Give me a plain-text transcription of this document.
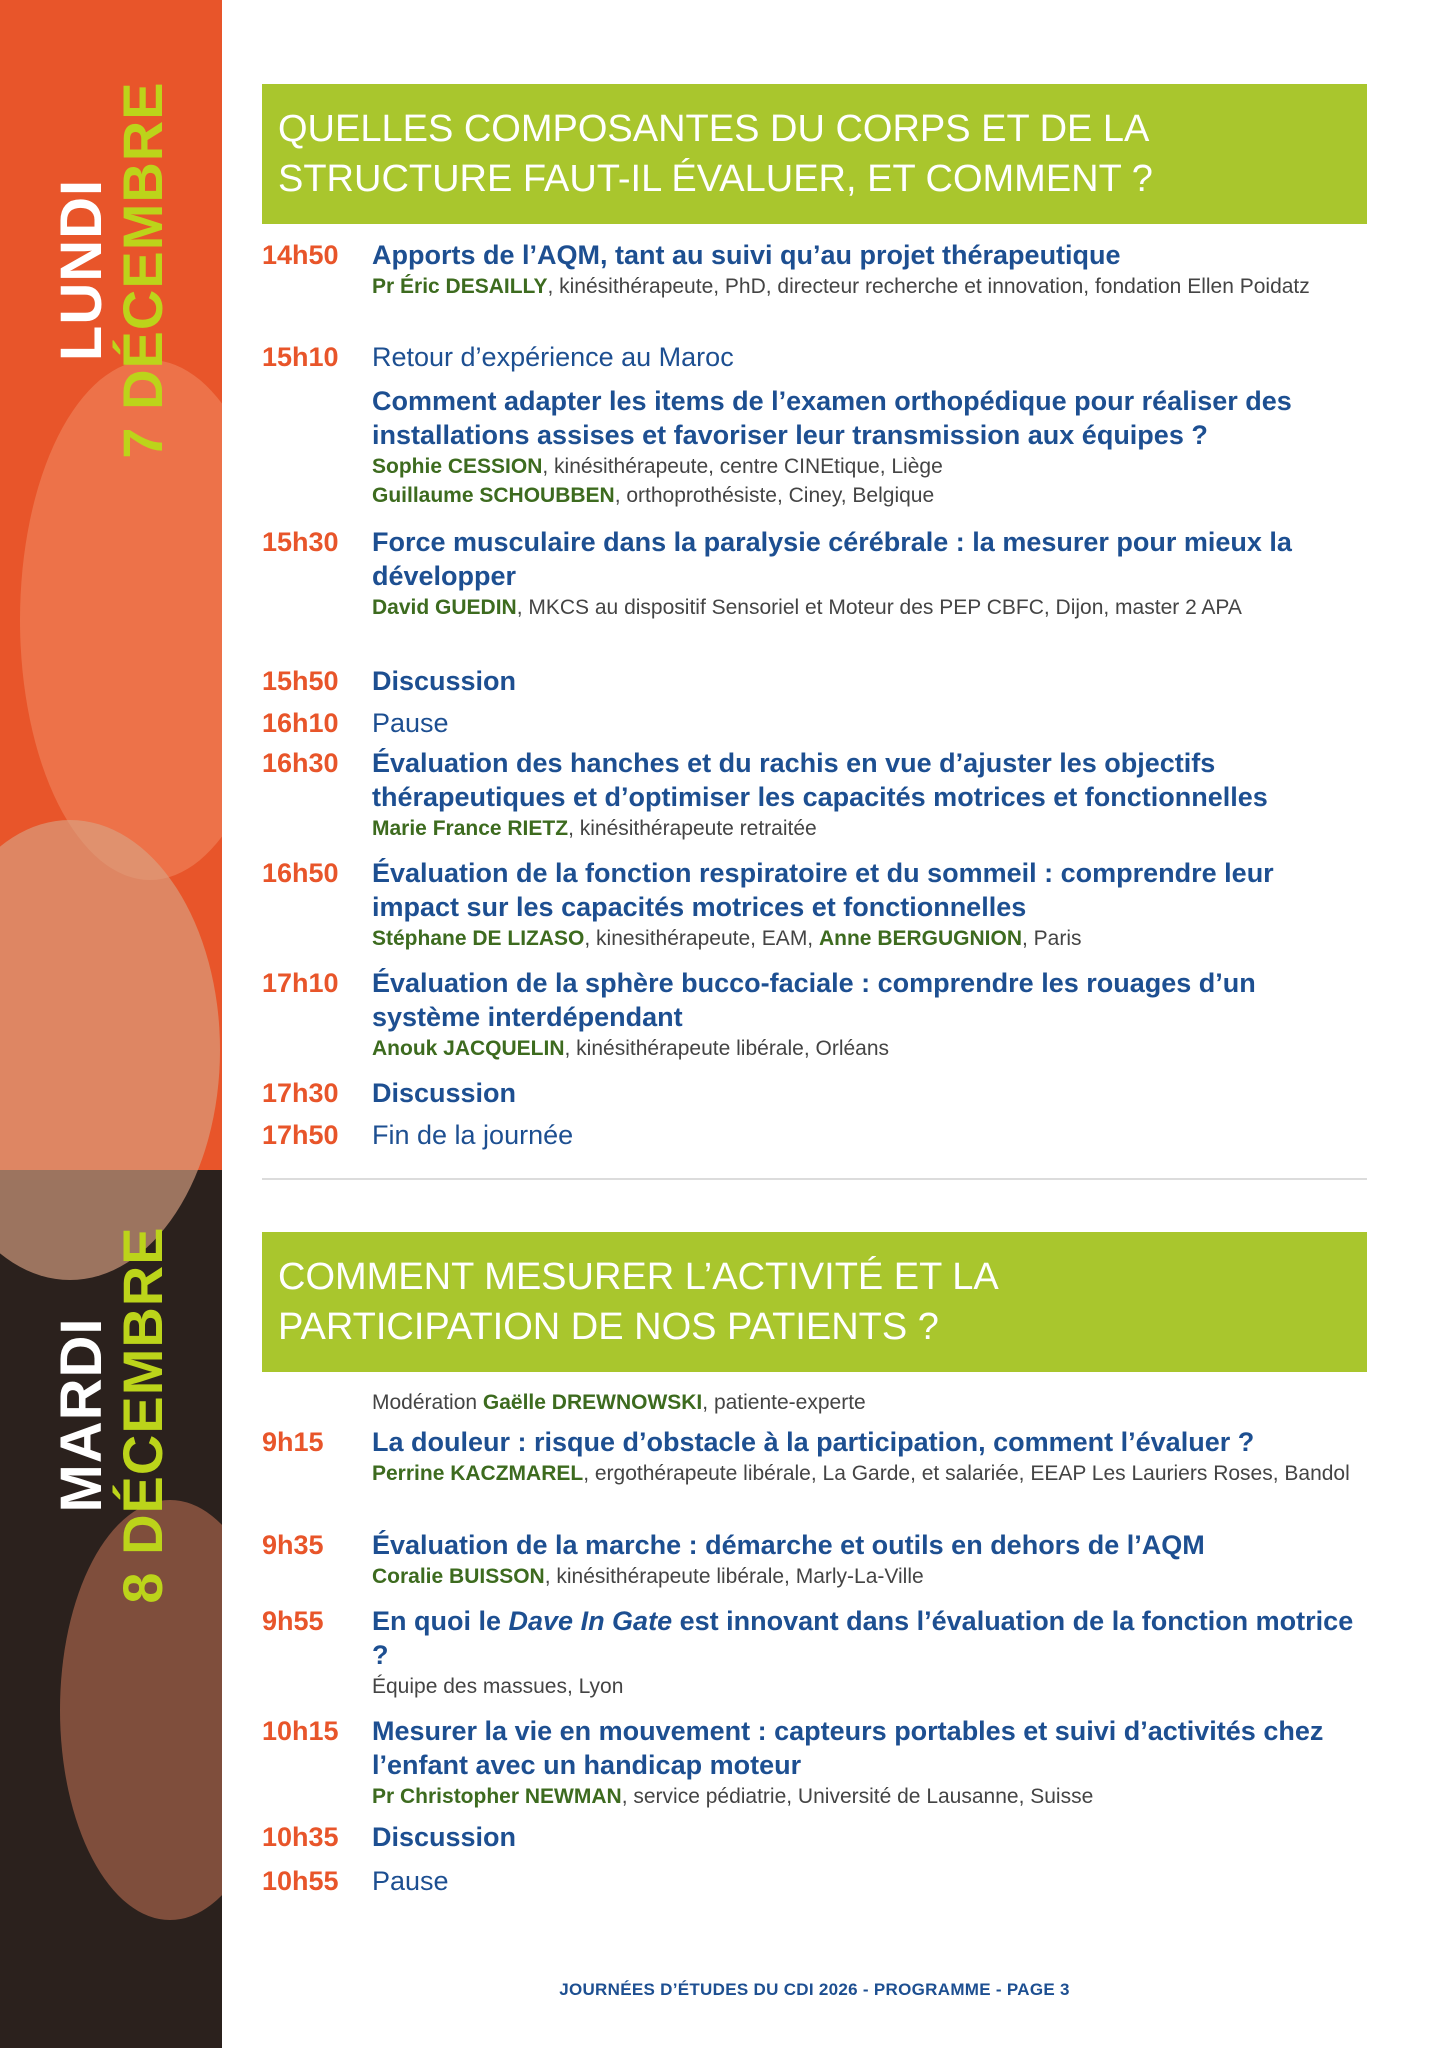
LUNDI
7 DÉCEMBRE
MARDI
8 DÉCEMBRE
QUELLES COMPOSANTES DU CORPS ET DE LA
STRUCTURE FAUT-IL ÉVALUER, ET COMMENT ?
14h50	Apports de l’AQM, tant au suivi qu’au projet thérapeutique
Pr Éric DESAILLY, kinésithérapeute, PhD, directeur recherche et innovation, fondation Ellen Poidatz
15h10	Retour d’expérience au Maroc
Comment adapter les items de l’examen orthopédique pour réaliser des installations assises et favoriser leur transmission aux équipes ?
Sophie CESSION, kinésithérapeute, centre CINEtique, Liège
Guillaume SCHOUBBEN, orthoprothésiste, Ciney, Belgique
15h30	Force musculaire dans la paralysie cérébrale : la mesurer pour mieux la développer
David GUEDIN, MKCS au dispositif Sensoriel et Moteur des PEP CBFC, Dijon, master 2 APA
15h50	Discussion
16h10	Pause
16h30	Évaluation des hanches et du rachis en vue d’ajuster les objectifs thérapeutiques et d’optimiser les capacités motrices et fonctionnelles
Marie France RIETZ, kinésithérapeute retraitée
16h50	Évaluation de la fonction respiratoire et du sommeil : comprendre leur impact sur les capacités motrices et fonctionnelles
Stéphane DE LIZASO, kinesithérapeute, EAM, Anne BERGUGNION, Paris
17h10	Évaluation de la sphère bucco-faciale : comprendre les rouages d’un système interdépendant
Anouk JACQUELIN, kinésithérapeute libérale, Orléans
17h30	Discussion
17h50	Fin de la journée
COMMENT MESURER L’ACTIVITÉ ET LA
PARTICIPATION DE NOS PATIENTS ?
Modération Gaëlle DREWNOWSKI, patiente-experte
9h15	La douleur : risque d’obstacle à la participation, comment l’évaluer ?
Perrine KACZMAREL, ergothérapeute libérale, La Garde, et salariée, EEAP Les Lauriers Roses, Bandol
9h35	Évaluation de la marche : démarche et outils en dehors de l’AQM
Coralie BUISSON, kinésithérapeute libérale, Marly-La-Ville
9h55	En quoi le Dave In Gate est innovant dans l’évaluation de la fonction motrice ?
Équipe des massues, Lyon
10h15	Mesurer la vie en mouvement : capteurs portables et suivi d’activités chez l’enfant avec un handicap moteur
Pr Christopher NEWMAN, service pédiatrie, Université de Lausanne, Suisse
10h35	Discussion
10h55	Pause
JOURNÉES D’ÉTUDES DU CDI 2026 - PROGRAMME - PAGE 3
